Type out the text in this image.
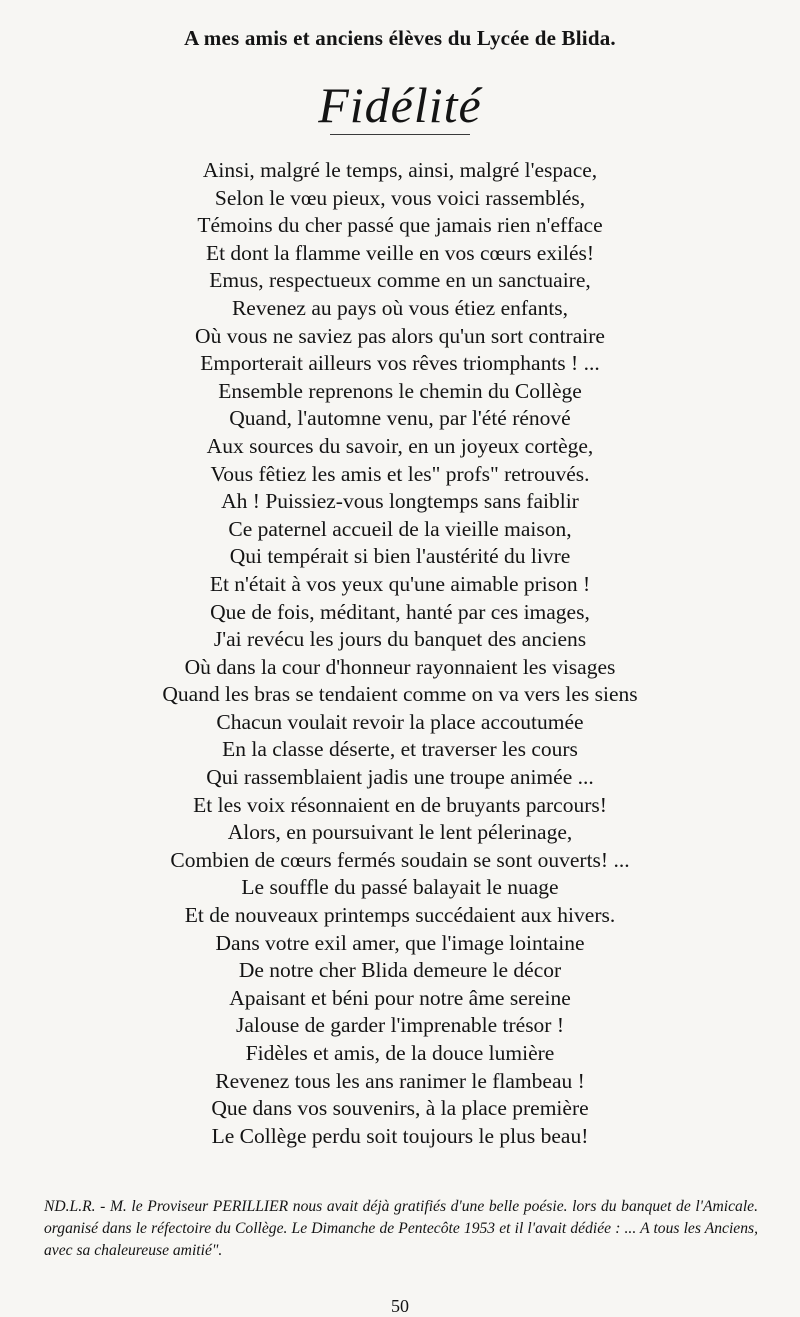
A mes amis et anciens élèves du Lycée de Blida.
Fidélité
Ainsi, malgré le temps, ainsi, malgré l'espace,
Selon le vœu pieux, vous voici rassemblés,
Témoins du cher passé que jamais rien n'efface
Et dont la flamme veille en vos cœurs exilés!
Emus, respectueux comme en un sanctuaire,
Revenez au pays où vous étiez enfants,
Où vous ne saviez pas alors qu'un sort contraire
Emporterait ailleurs vos rêves triomphants ! ...
Ensemble reprenons le chemin du Collège
Quand, l'automne venu, par l'été rénové
Aux sources du savoir, en un joyeux cortège,
Vous fêtiez les amis et les" profs" retrouvés.
Ah ! Puissiez-vous longtemps sans faiblir
Ce paternel accueil de la vieille maison,
Qui tempérait si bien l'austérité du livre
Et n'était à vos yeux qu'une aimable prison !
Que de fois, méditant, hanté par ces images,
J'ai revécu les jours du banquet des anciens
Où dans la cour d'honneur rayonnaient les visages
Quand les bras se tendaient comme on va vers les siens
Chacun voulait revoir la place accoutumée
En la classe déserte, et traverser les cours
Qui rassemblaient jadis une troupe animée ...
Et les voix résonnaient en de bruyants parcours!
Alors, en poursuivant le lent pélerinage,
Combien de cœurs fermés soudain se sont ouverts! ...
Le souffle du passé balayait le nuage
Et de nouveaux printemps succédaient aux hivers.
Dans votre exil amer, que l'image lointaine
De notre cher Blida demeure le décor
Apaisant et béni pour notre âme sereine
Jalouse de garder l'imprenable trésor !
Fidèles et amis, de la douce lumière
Revenez tous les ans ranimer le flambeau !
Que dans vos souvenirs, à la place première
Le Collège perdu soit toujours le plus beau!
ND.L.R. - M. le Proviseur PERILLIER nous avait déjà gratifiés d'une belle poésie. lors du banquet de l'Amicale. organisé dans le réfectoire du Collège. Le Dimanche de Pentecôte 1953 et il l'avait dédiée : ... A tous les Anciens, avec sa chaleureuse amitié".
50
